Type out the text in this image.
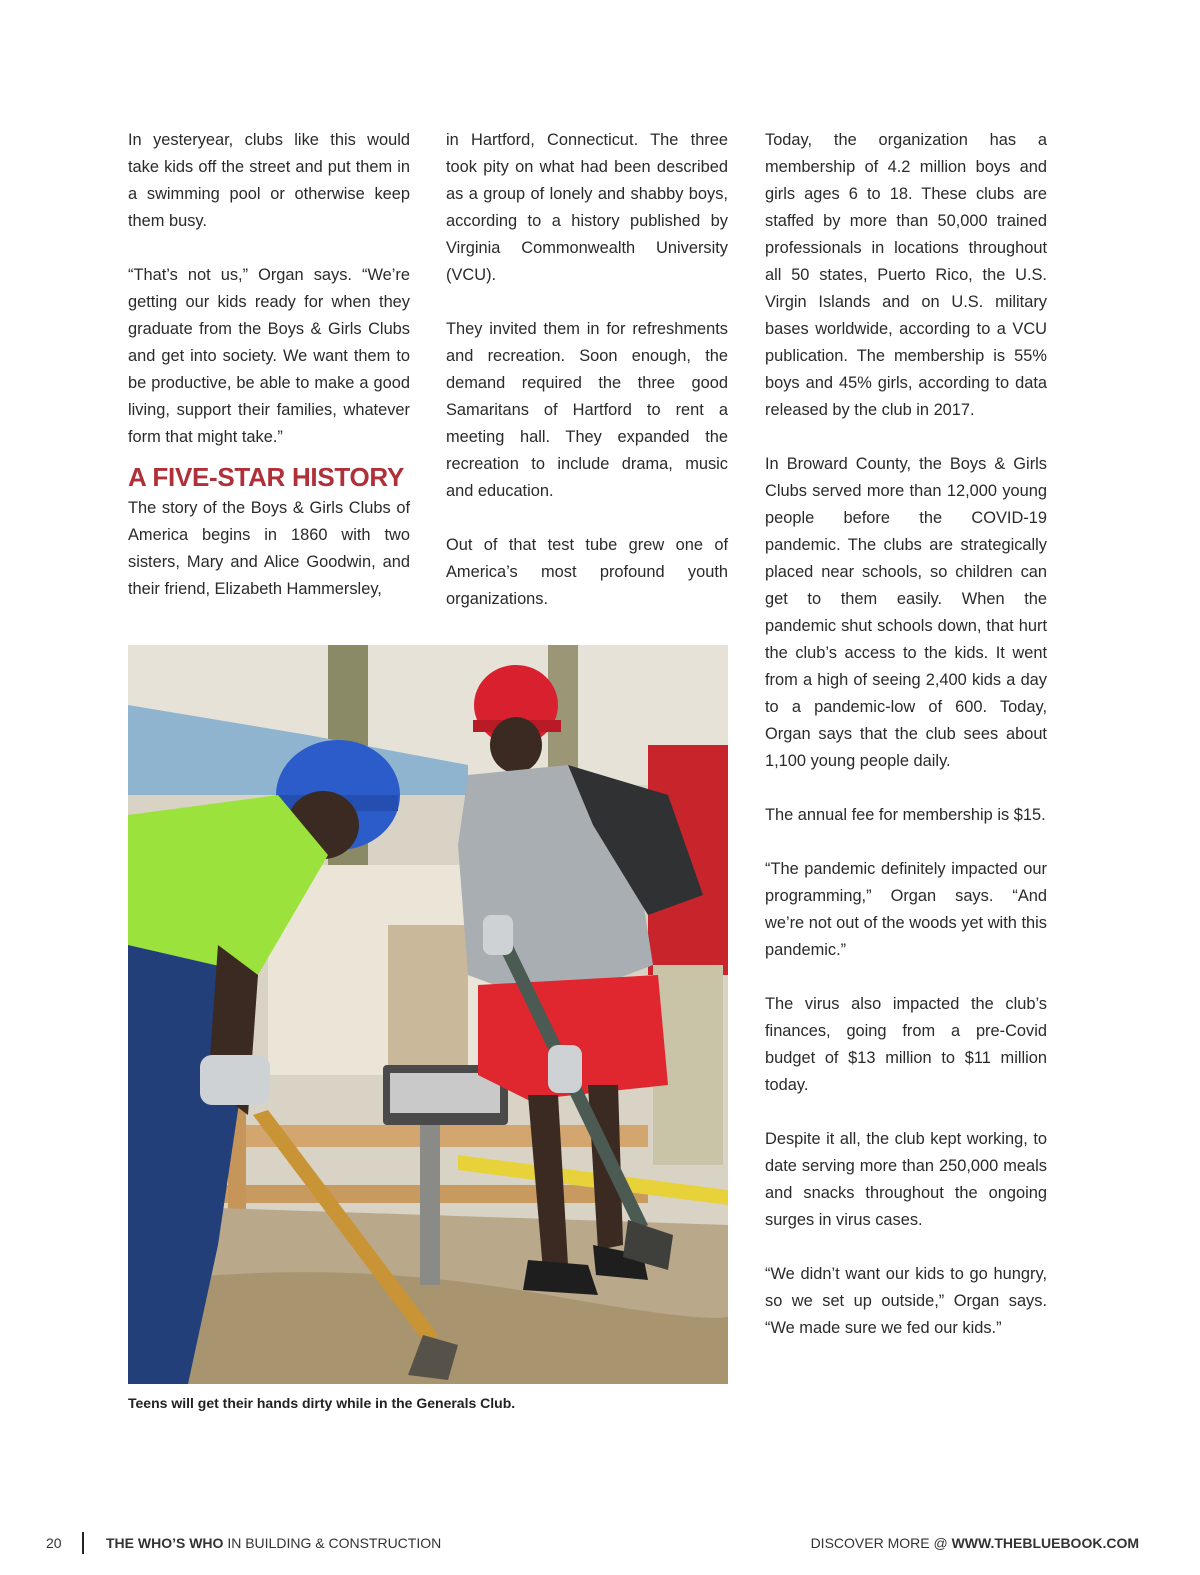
In yesteryear, clubs like this would take kids off the street and put them in a swimming pool or otherwise keep them busy.

“That’s not us,” Organ says. “We’re getting our kids ready for when they graduate from the Boys & Girls Clubs and get into society. We want them to be productive, be able to make a good living, support their families, whatever form that might take.”

A FIVE-STAR HISTORY

The story of the Boys & Girls Clubs of America begins in 1860 with two sisters, Mary and Alice Goodwin, and their friend, Elizabeth Hammersley,

in Hartford, Connecticut. The three took pity on what had been described as a group of lonely and shabby boys, according to a history published by Virginia Commonwealth University (VCU).

They invited them in for refreshments and recreation. Soon enough, the demand required the three good Samaritans of Hartford to rent a meeting hall. They expanded the recreation to include drama, music and education.

Out of that test tube grew one of America’s most profound youth organizations.

Today, the organization has a membership of 4.2 million boys and girls ages 6 to 18. These clubs are staffed by more than 50,000 trained professionals in locations throughout all 50 states, Puerto Rico, the U.S. Virgin Islands and on U.S. military bases worldwide, according to a VCU publication. The membership is 55% boys and 45% girls, according to data released by the club in 2017.

In Broward County, the Boys & Girls Clubs served more than 12,000 young people before the COVID-19 pandemic. The clubs are strategically placed near schools, so children can get to them easily. When the pandemic shut schools down, that hurt the club’s access to the kids. It went from a high of seeing 2,400 kids a day to a pandemic-low of 600. Today, Organ says that the club sees about 1,100 young people daily.

The annual fee for membership is $15.

“The pandemic definitely impacted our programming,” Organ says. “And we’re not out of the woods yet with this pandemic.”

The virus also impacted the club’s finances, going from a pre-Covid budget of $13 million to $11 million today.

Despite it all, the club kept working, to date serving more than 250,000 meals and snacks throughout the ongoing surges in virus cases.

“We didn’t want our kids to go hungry, so we set up outside,” Organ says. “We made sure we fed our kids.”

Teens will get their hands dirty while in the Generals Club.
20	THE WHO’S WHO IN BUILDING & CONSTRUCTION	DISCOVER MORE @ WWW.THEBLUEBOOK.COM
